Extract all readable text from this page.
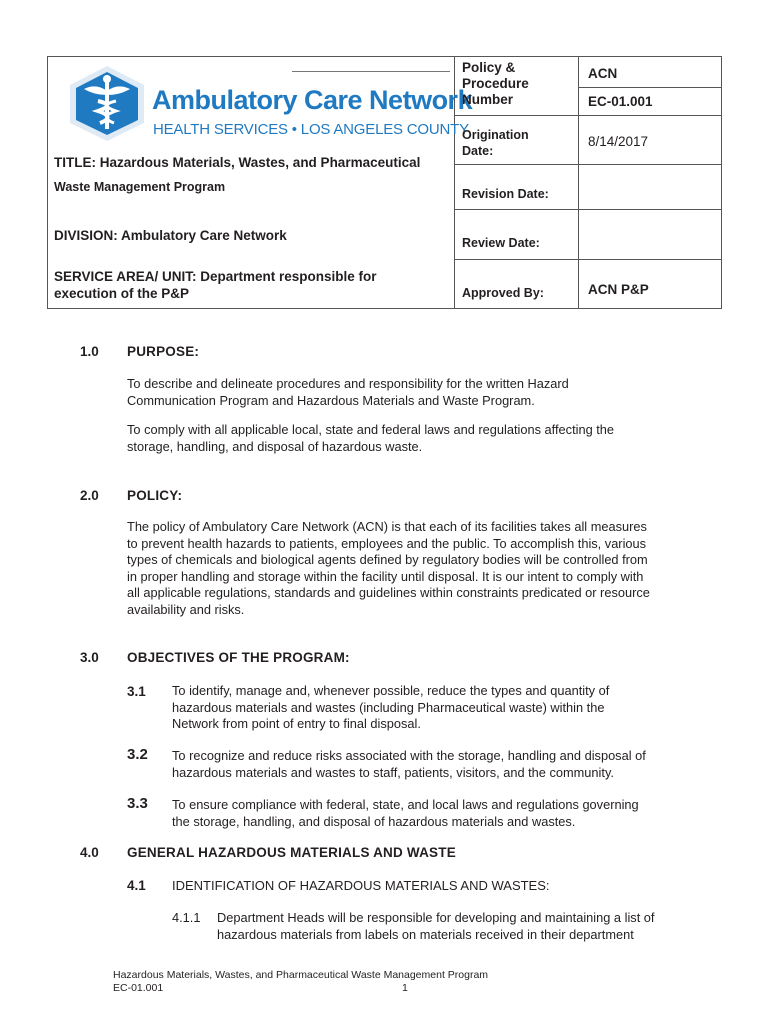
Ambulatory Care Network
HEALTH SERVICES • LOS ANGELES COUNTY
TITLE: Hazardous Materials, Wastes, and Pharmaceutical
Waste Management Program
DIVISION: Ambulatory Care Network
SERVICE AREA/ UNIT: Department responsible for
execution of the P&P
Policy &
Procedure
Number
Origination
Date:
Revision Date:
Review Date:
Approved By:
ACN
EC-01.001
8/14/2017
ACN P&P
1.0 PURPOSE:
To describe and delineate procedures and responsibility for the written Hazard
Communication Program and Hazardous Materials and Waste Program.
To comply with all applicable local, state and federal laws and regulations affecting the
storage, handling, and disposal of hazardous waste.
2.0 POLICY:
The policy of Ambulatory Care Network (ACN) is that each of its facilities takes all measures
to prevent health hazards to patients, employees and the public. To accomplish this, various
types of chemicals and biological agents defined by regulatory bodies will be controlled from
in proper handling and storage within the facility until disposal. It is our intent to comply with
all applicable regulations, standards and guidelines within constraints predicated or resource
availability and risks.
3.0 OBJECTIVES OF THE PROGRAM:
3.1 To identify, manage and, whenever possible, reduce the types and quantity of
hazardous materials and wastes (including Pharmaceutical waste) within the
Network from point of entry to final disposal.
3.2 To recognize and reduce risks associated with the storage, handling and disposal of
hazardous materials and wastes to staff, patients, visitors, and the community.
3.3 To ensure compliance with federal, state, and local laws and regulations governing
the storage, handling, and disposal of hazardous materials and wastes.
4.0 GENERAL HAZARDOUS MATERIALS AND WASTE
4.1 IDENTIFICATION OF HAZARDOUS MATERIALS AND WASTES:
4.1.1 Department Heads will be responsible for developing and maintaining a list of
hazardous materials from labels on materials received in their department
Hazardous Materials, Wastes, and Pharmaceutical Waste Management Program
EC-01.001	1
